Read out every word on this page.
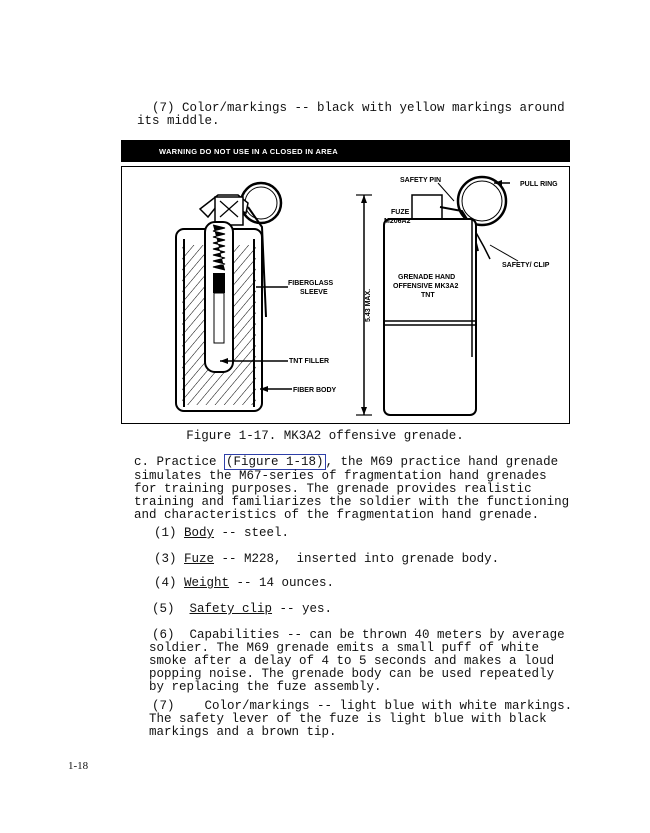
(7) Color/markings -- black with yellow markings around
its middle.
WARNING DO NOT USE IN A CLOSED IN AREA
FIBERGLASS
SLEEVE
TNT FILLER
FIBER BODY
5.43 MAX.
SAFETY PIN
PULL RING
FUZE
M206A2
SAFETY/ CLIP
GRENADE HAND
OFFENSIVE MK3A2
TNT
Figure 1-17. MK3A2 offensive grenade.
c. Practice (Figure 1-18) , the M69 practice hand grenade
simulates the M67-series of fragmentation hand grenades
for training purposes. The grenade provides realistic
training and familiarizes the soldier with the functioning
and characteristics of the fragmentation hand grenade.
(1) Body -- steel.
(3) Fuze -- M228,  inserted into grenade body.
(4) Weight -- 14 ounces.
(5)  Safety clip -- yes.
(6)  Capabilities -- can be thrown 40 meters by average
soldier. The M69 grenade emits a small puff of white
smoke after a delay of 4 to 5 seconds and makes a loud
popping noise. The grenade body can be used repeatedly
by replacing the fuze assembly.
(7)    Color/markings -- light blue with white markings.
The safety lever of the fuze is light blue with black
markings and a brown tip.
1-18
